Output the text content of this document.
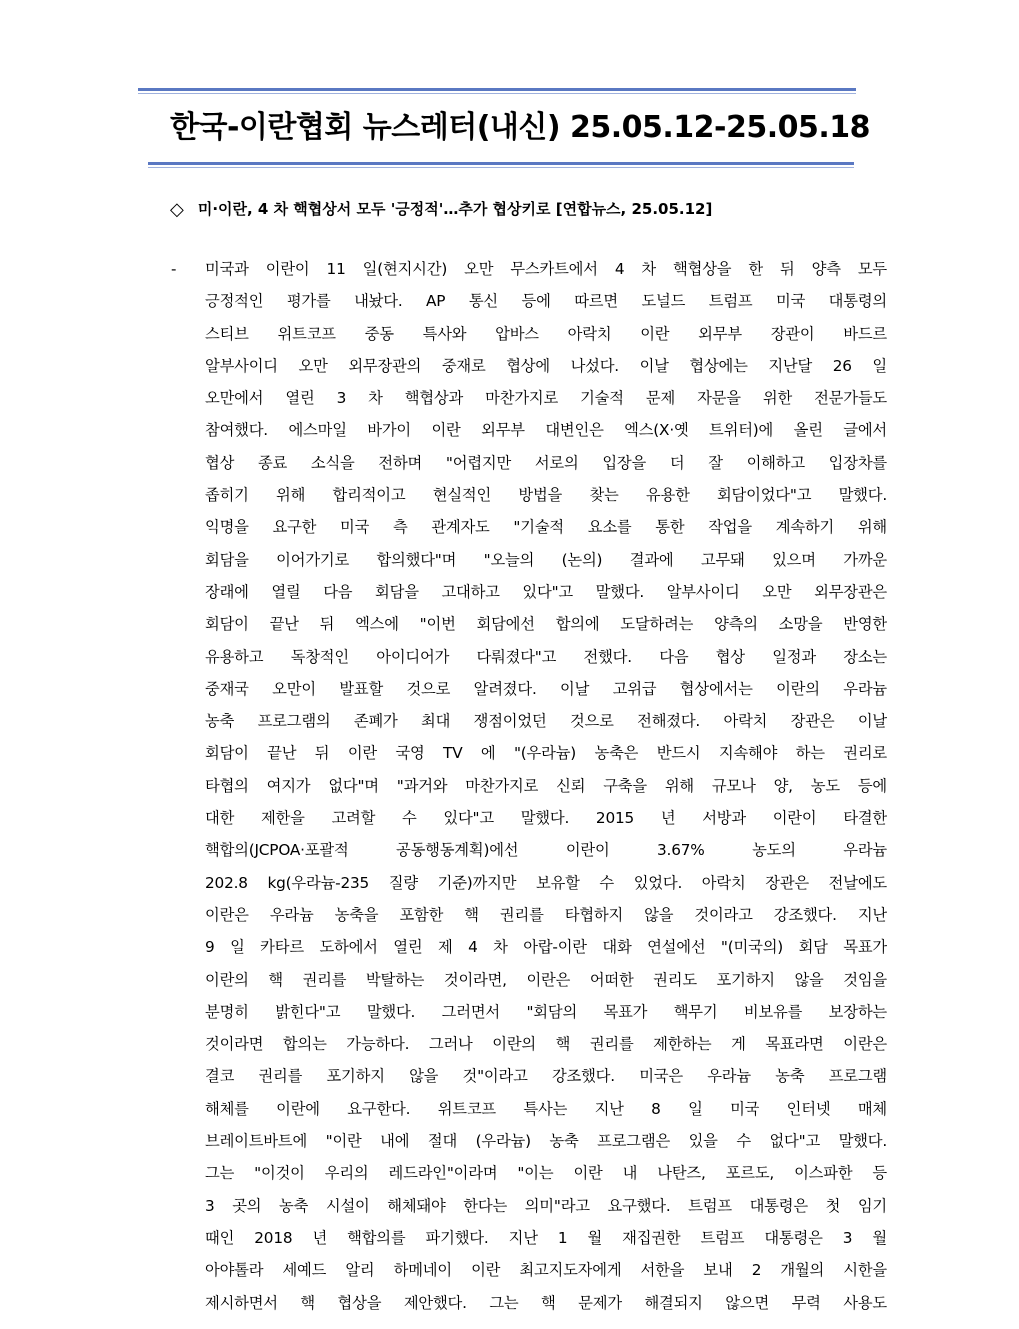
한국-이란협회 뉴스레터(내신) 25.05.12-25.05.18
◇ 미·이란, 4 차 핵협상서 모두 '긍정적'…추가 협상키로 [연합뉴스, 25.05.12]
- 미국과 이란이 11 일(현지시간) 오만 무스카트에서 4 차 핵협상을 한 뒤 양측 모두
긍정적인 평가를 내놨다. AP 통신 등에 따르면 도널드 트럼프 미국 대통령의
스티브 위트코프 중동 특사와 압바스 아락치 이란 외무부 장관이 바드르
알부사이디 오만 외무장관의 중재로 협상에 나섰다. 이날 협상에는 지난달 26 일
오만에서 열린 3 차 핵협상과 마찬가지로 기술적 문제 자문을 위한 전문가들도
참여했다. 에스마일 바가이 이란 외무부 대변인은 엑스(X·옛 트위터)에 올린 글에서
협상 종료 소식을 전하며 "어렵지만 서로의 입장을 더 잘 이해하고 입장차를
좁히기 위해 합리적이고 현실적인 방법을 찾는 유용한 회담이었다"고 말했다.
익명을 요구한 미국 측 관계자도 "기술적 요소를 통한 작업을 계속하기 위해
회담을 이어가기로 합의했다"며 "오늘의 (논의) 결과에 고무돼 있으며 가까운
장래에 열릴 다음 회담을 고대하고 있다"고 말했다. 알부사이디 오만 외무장관은
회담이 끝난 뒤 엑스에 "이번 회담에선 합의에 도달하려는 양측의 소망을 반영한
유용하고 독창적인 아이디어가 다뤄졌다"고 전했다. 다음 협상 일정과 장소는
중재국 오만이 발표할 것으로 알려졌다. 이날 고위급 협상에서는 이란의 우라늄
농축 프로그램의 존폐가 최대 쟁점이었던 것으로 전해졌다. 아락치 장관은 이날
회담이 끝난 뒤 이란 국영 TV 에 "(우라늄) 농축은 반드시 지속해야 하는 권리로
타협의 여지가 없다"며 "과거와 마찬가지로 신뢰 구축을 위해 규모나 양, 농도 등에
대한 제한을 고려할 수 있다"고 말했다. 2015 년 서방과 이란이 타결한
핵합의(JCPOA·포괄적 공동행동계획)에선 이란이 3.67% 농도의 우라늄
202.8 kg(우라늄-235 질량 기준)까지만 보유할 수 있었다. 아락치 장관은 전날에도
이란은 우라늄 농축을 포함한 핵 권리를 타협하지 않을 것이라고 강조했다. 지난
9 일 카타르 도하에서 열린 제 4 차 아랍-이란 대화 연설에선 "(미국의) 회담 목표가
이란의 핵 권리를 박탈하는 것이라면, 이란은 어떠한 권리도 포기하지 않을 것임을
분명히 밝힌다"고 말했다. 그러면서 "회담의 목표가 핵무기 비보유를 보장하는
것이라면 합의는 가능하다. 그러나 이란의 핵 권리를 제한하는 게 목표라면 이란은
결코 권리를 포기하지 않을 것"이라고 강조했다. 미국은 우라늄 농축 프로그램
해체를 이란에 요구한다. 위트코프 특사는 지난 8 일 미국 인터넷 매체
브레이트바트에 "이란 내에 절대 (우라늄) 농축 프로그램은 있을 수 없다"고 말했다.
그는 "이것이 우리의 레드라인"이라며 "이는 이란 내 나탄즈, 포르도, 이스파한 등
3 곳의 농축 시설이 해체돼야 한다는 의미"라고 요구했다. 트럼프 대통령은 첫 임기
때인 2018 년 핵합의를 파기했다. 지난 1 월 재집권한 트럼프 대통령은 3 월
아야톨라 세예드 알리 하메네이 이란 최고지도자에게 서한을 보내 2 개월의 시한을
제시하면서 핵 협상을 제안했다. 그는 핵 문제가 해결되지 않으면 무력 사용도
